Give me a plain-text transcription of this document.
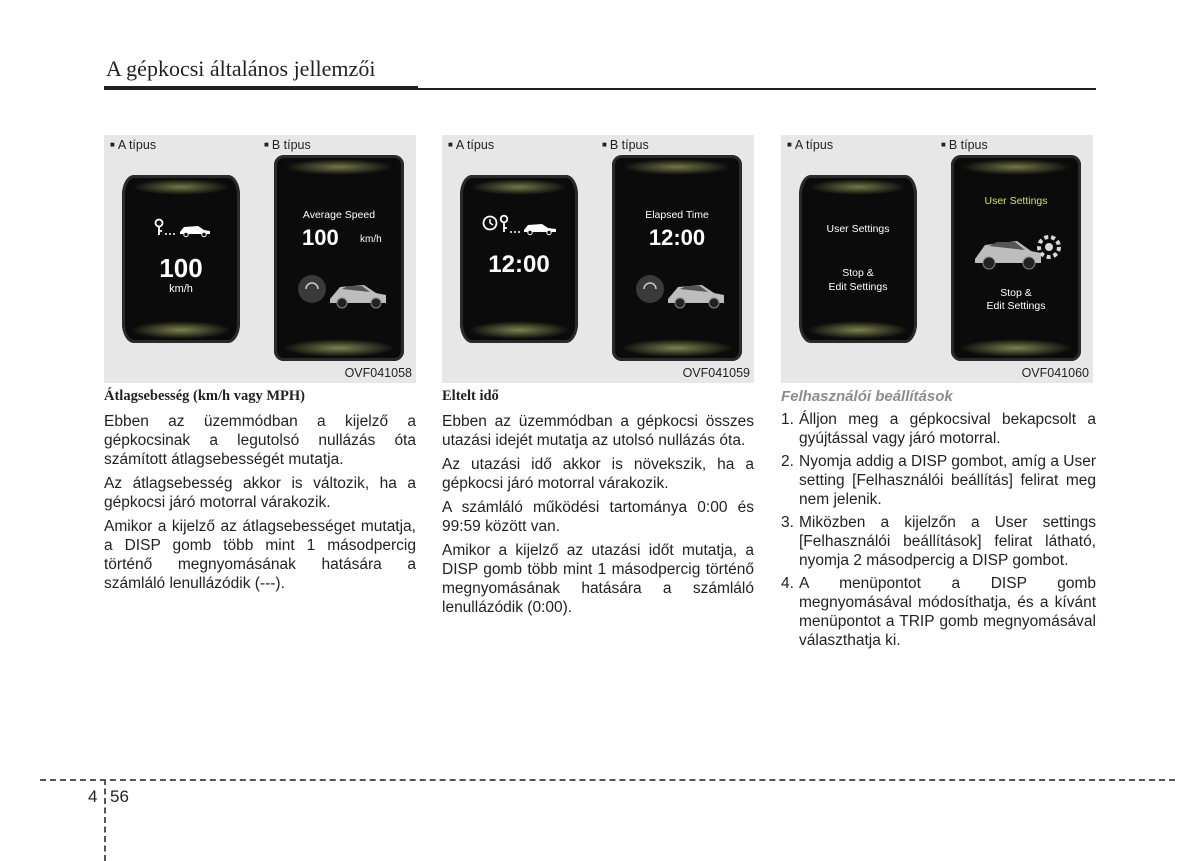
A gépkocsi általános jellemzői
■ A típus	■ B típus
100
km/h
Average Speed
100 km/h
OVF041058
■ A típus	■ B típus
12:00
Elapsed Time
12:00
OVF041059
■ A típus	■ B típus
User Settings
Stop &
Edit Settings
User Settings
Stop &
Edit Settings
OVF041060

Átlagsebesség (km/h vagy MPH)

Ebben az üzemmódban a kijelző a gépkocsinak a legutolsó nullázás óta számított átlagsebességét mutatja.

Az átlagsebesség akkor is változik, ha a gépkocsi járó motorral várakozik.

Amikor a kijelző az átlagsebességet mutatja, a DISP gomb több mint 1 másodpercig történő megnyomásának hatására a számláló lenullázódik (---).

Eltelt idő

Ebben az üzemmódban a gépkocsi összes utazási idejét mutatja az utolsó nullázás óta.

Az utazási idő akkor is növekszik, ha a gépkocsi járó motorral várakozik.

A számláló működési tartománya 0:00 és 99:59 között van.

Amikor a kijelző az utazási időt mutatja, a DISP gomb több mint 1 másodpercig történő megnyomásának hatására a számláló lenullázódik (0:00).

Felhasználói beállítások

1. Álljon meg a gépkocsival bekapcsolt a gyújtással vagy járó motorral.
2. Nyomja addig a DISP gombot, amíg a User setting [Felhasználói beállítás] felirat meg nem jelenik.
3. Miközben a kijelzőn a User settings [Felhasználói beállítások] felirat látható, nyomja 2 másodpercig a DISP gombot.
4. A menüpontot a DISP gomb megnyomásával módosíthatja, és a kívánt menüpontot a TRIP gomb megnyomásával választhatja ki.
4 56
